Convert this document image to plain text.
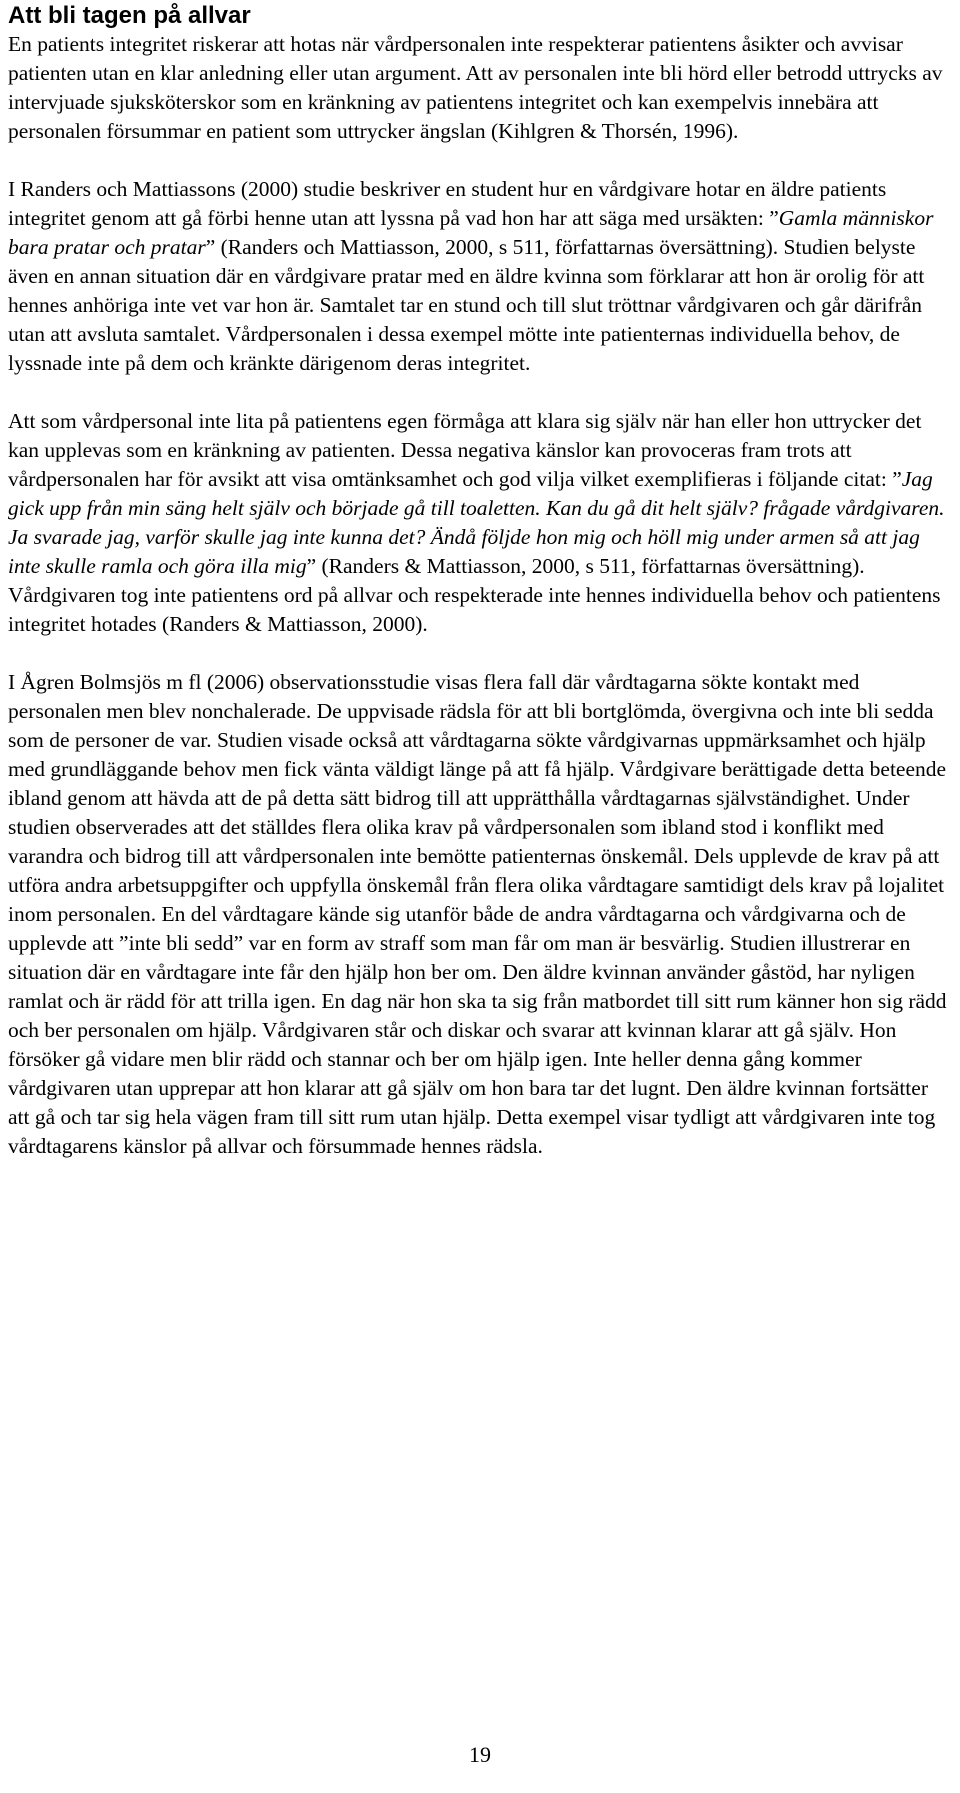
Att bli tagen på allvar

En patients integritet riskerar att hotas när vårdpersonalen inte respekterar patientens åsikter och avvisar patienten utan en klar anledning eller utan argument. Att av personalen inte bli hörd eller betrodd uttrycks av intervjuade sjuksköterskor som en kränkning av patientens integritet och kan exempelvis innebära att personalen försummar en patient som uttrycker ängslan (Kihlgren & Thorsén, 1996).

I Randers och Mattiassons (2000) studie beskriver en student hur en vårdgivare hotar en äldre patients integritet genom att gå förbi henne utan att lyssna på vad hon har att säga med ursäkten: ”Gamla människor bara pratar och pratar” (Randers och Mattiasson, 2000, s 511, författarnas översättning). Studien belyste även en annan situation där en vårdgivare pratar med en äldre kvinna som förklarar att hon är orolig för att hennes anhöriga inte vet var hon är. Samtalet tar en stund och till slut tröttnar vårdgivaren och går därifrån utan att avsluta samtalet. Vårdpersonalen i dessa exempel mötte inte patienternas individuella behov, de lyssnade inte på dem och kränkte därigenom deras integritet.

Att som vårdpersonal inte lita på patientens egen förmåga att klara sig själv när han eller hon uttrycker det kan upplevas som en kränkning av patienten. Dessa negativa känslor kan provoceras fram trots att vårdpersonalen har för avsikt att visa omtänksamhet och god vilja vilket exemplifieras i följande citat: ”Jag gick upp från min säng helt själv och började gå till toaletten. Kan du gå dit helt själv? frågade vårdgivaren. Ja svarade jag, varför skulle jag inte kunna det? Ändå följde hon mig och höll mig under armen så att jag inte skulle ramla och göra illa mig” (Randers & Mattiasson, 2000, s 511, författarnas översättning). Vårdgivaren tog inte patientens ord på allvar och respekterade inte hennes individuella behov och patientens integritet hotades (Randers & Mattiasson, 2000).

I Ågren Bolmsjös m fl (2006) observationsstudie visas flera fall där vårdtagarna sökte kontakt med personalen men blev nonchalerade. De uppvisade rädsla för att bli bortglömda, övergivna och inte bli sedda som de personer de var. Studien visade också att vårdtagarna sökte vårdgivarnas uppmärksamhet och hjälp med grundläggande behov men fick vänta väldigt länge på att få hjälp. Vårdgivare berättigade detta beteende ibland genom att hävda att de på detta sätt bidrog till att upprätthålla vårdtagarnas självständighet. Under studien observerades att det ställdes flera olika krav på vårdpersonalen som ibland stod i konflikt med varandra och bidrog till att vårdpersonalen inte bemötte patienternas önskemål. Dels upplevde de krav på att utföra andra arbetsuppgifter och uppfylla önskemål från flera olika vårdtagare samtidigt dels krav på lojalitet inom personalen. En del vårdtagare kände sig utanför både de andra vårdtagarna och vårdgivarna och de upplevde att ”inte bli sedd” var en form av straff som man får om man är besvärlig. Studien illustrerar en situation där en vårdtagare inte får den hjälp hon ber om. Den äldre kvinnan använder gåstöd, har nyligen ramlat och är rädd för att trilla igen. En dag när hon ska ta sig från matbordet till sitt rum känner hon sig rädd och ber personalen om hjälp. Vårdgivaren står och diskar och svarar att kvinnan klarar att gå själv. Hon försöker gå vidare men blir rädd och stannar och ber om hjälp igen. Inte heller denna gång kommer vårdgivaren utan upprepar att hon klarar att gå själv om hon bara tar det lugnt. Den äldre kvinnan fortsätter att gå och tar sig hela vägen fram till sitt rum utan hjälp. Detta exempel visar tydligt att vårdgivaren inte tog vårdtagarens känslor på allvar och försummade hennes rädsla.

19
